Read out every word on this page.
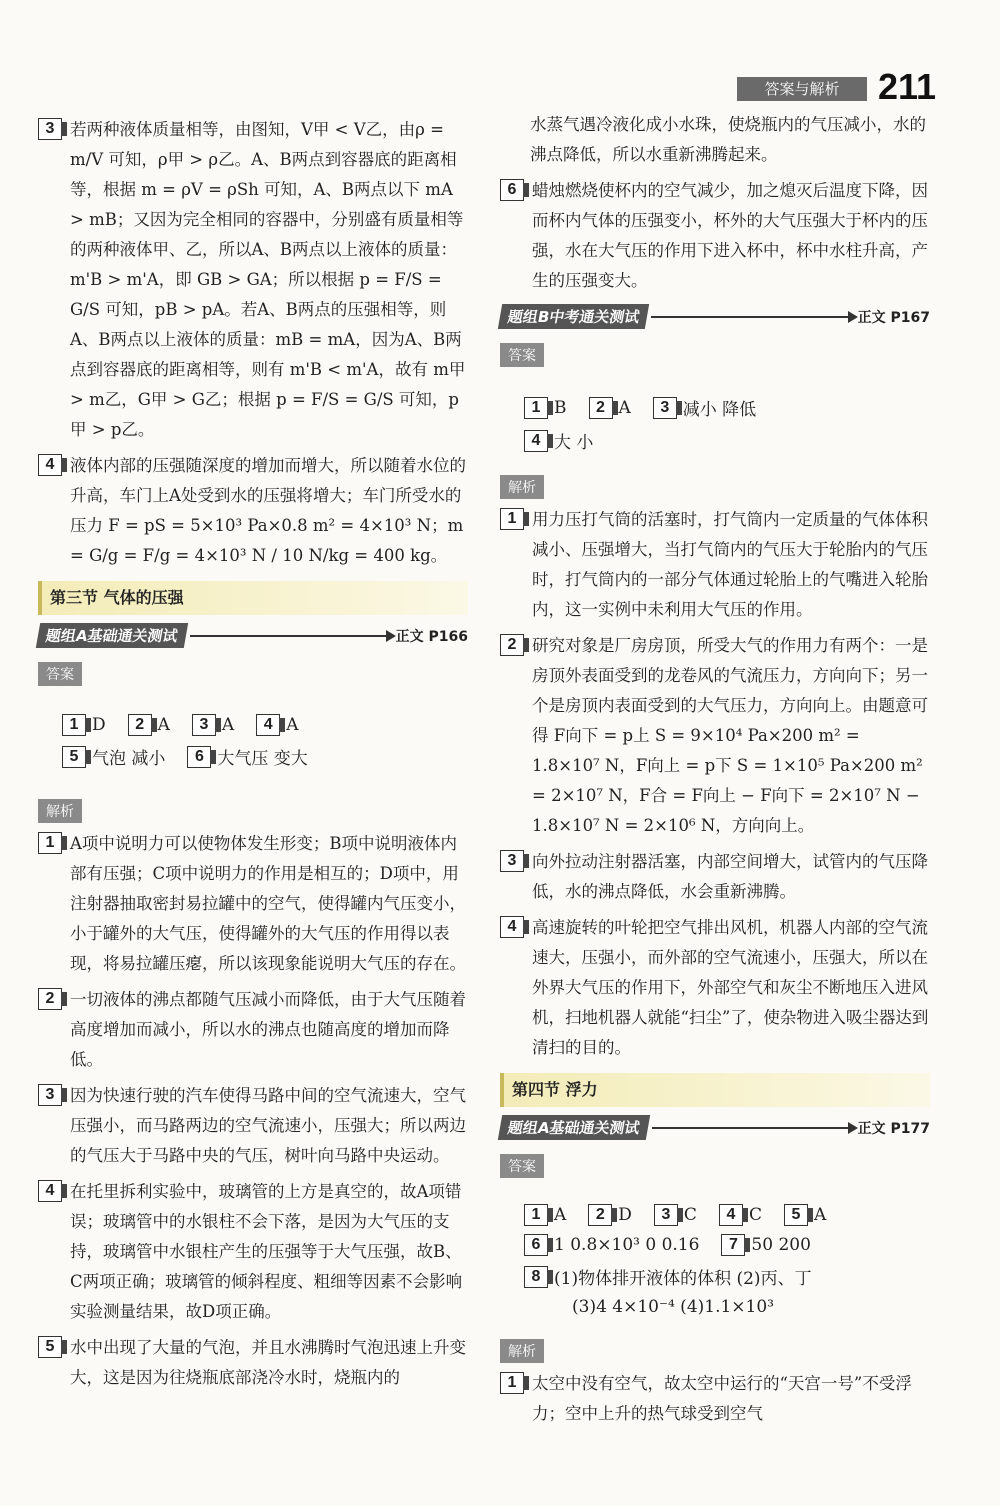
答案与解析	211
3 若两种液体质量相等，由图知，V甲 < V乙，由ρ = m/V 可知，ρ甲 > ρ乙。A、B两点到容器底的距离相等，根据 m = ρV = ρSh 可知，A、B两点以下 mA > mB；又因为完全相同的容器中，分别盛有质量相等的两种液体甲、乙，所以A、B两点以上液体的质量：m'B > m'A，即 GB > GA；所以根据 p = F/S = G/S 可知，pB > pA。若A、B两点的压强相等，则A、B两点以上液体的质量：mB = mA，因为A、B两点到容器底的距离相等，则有 m'B < m'A，故有 m甲 > m乙，G甲 > G乙；根据 p = F/S = G/S 可知，p甲 > p乙。
4 液体内部的压强随深度的增加而增大，所以随着水位的升高，车门上A处受到水的压强将增大；车门所受水的压力 F = pS = 5×10³ Pa×0.8 m² = 4×10³ N；m = G/g = F/g = 4×10³ N / 10 N/kg = 400 kg。
第三节 气体的压强
题组A基础通关测试	正文 P166
答案
1 D	2 A	3 A	4 A
5 气泡 减小	6 大气压 变大
解析
1 A项中说明力可以使物体发生形变；B项中说明液体内部有压强；C项中说明力的作用是相互的；D项中，用注射器抽取密封易拉罐中的空气，使得罐内气压变小，小于罐外的大气压，使得罐外的大气压的作用得以表现，将易拉罐压瘪，所以该现象能说明大气压的存在。
2 一切液体的沸点都随气压减小而降低，由于大气压随着高度增加而减小，所以水的沸点也随高度的增加而降低。
3 因为快速行驶的汽车使得马路中间的空气流速大，空气压强小，而马路两边的空气流速小，压强大；所以两边的气压大于马路中央的气压，树叶向马路中央运动。
4 在托里拆利实验中，玻璃管的上方是真空的，故A项错误；玻璃管中的水银柱不会下落，是因为大气压的支持，玻璃管中水银柱产生的压强等于大气压强，故B、C两项正确；玻璃管的倾斜程度、粗细等因素不会影响实验测量结果，故D项正确。
5 水中出现了大量的气泡，并且水沸腾时气泡迅速上升变大，这是因为往烧瓶底部浇冷水时，烧瓶内的
水蒸气遇冷液化成小水珠，使烧瓶内的气压减小，水的沸点降低，所以水重新沸腾起来。
6 蜡烛燃烧使杯内的空气减少，加之熄灭后温度下降，因而杯内气体的压强变小，杯外的大气压强大于杯内的压强，水在大气压的作用下进入杯中，杯中水柱升高，产生的压强变大。
题组B中考通关测试	正文 P167
答案
1 B	2 A	3 减小 降低
4 大 小
解析
1 用力压打气筒的活塞时，打气筒内一定质量的气体体积减小、压强增大，当打气筒内的气压大于轮胎内的气压时，打气筒内的一部分气体通过轮胎上的气嘴进入轮胎内，这一实例中未利用大气压的作用。
2 研究对象是厂房房顶，所受大气的作用力有两个：一是房顶外表面受到的龙卷风的气流压力，方向向下；另一个是房顶内表面受到的大气压力，方向向上。由题意可得 F向下 = p上 S = 9×10⁴ Pa×200 m² = 1.8×10⁷ N，F向上 = p下 S = 1×10⁵ Pa×200 m² = 2×10⁷ N，F合 = F向上 − F向下 = 2×10⁷ N − 1.8×10⁷ N = 2×10⁶ N，方向向上。
3 向外拉动注射器活塞，内部空间增大，试管内的气压降低，水的沸点降低，水会重新沸腾。
4 高速旋转的叶轮把空气排出风机，机器人内部的空气流速大，压强小，而外部的空气流速小，压强大，所以在外界大气压的作用下，外部空气和灰尘不断地压入进风机，扫地机器人就能“扫尘”了，使杂物进入吸尘器达到清扫的目的。
第四节 浮力
题组A基础通关测试	正文 P177
答案
1 A	2 D	3 C	4 C	5 A
6 1 0.8×10³ 0 0.16	7 50 200
8 (1)物体排开液体的体积 (2)丙、丁
(3)4 4×10⁻⁴ (4)1.1×10³
解析
1 太空中没有空气，故太空中运行的“天宫一号”不受浮力；空中上升的热气球受到空气
